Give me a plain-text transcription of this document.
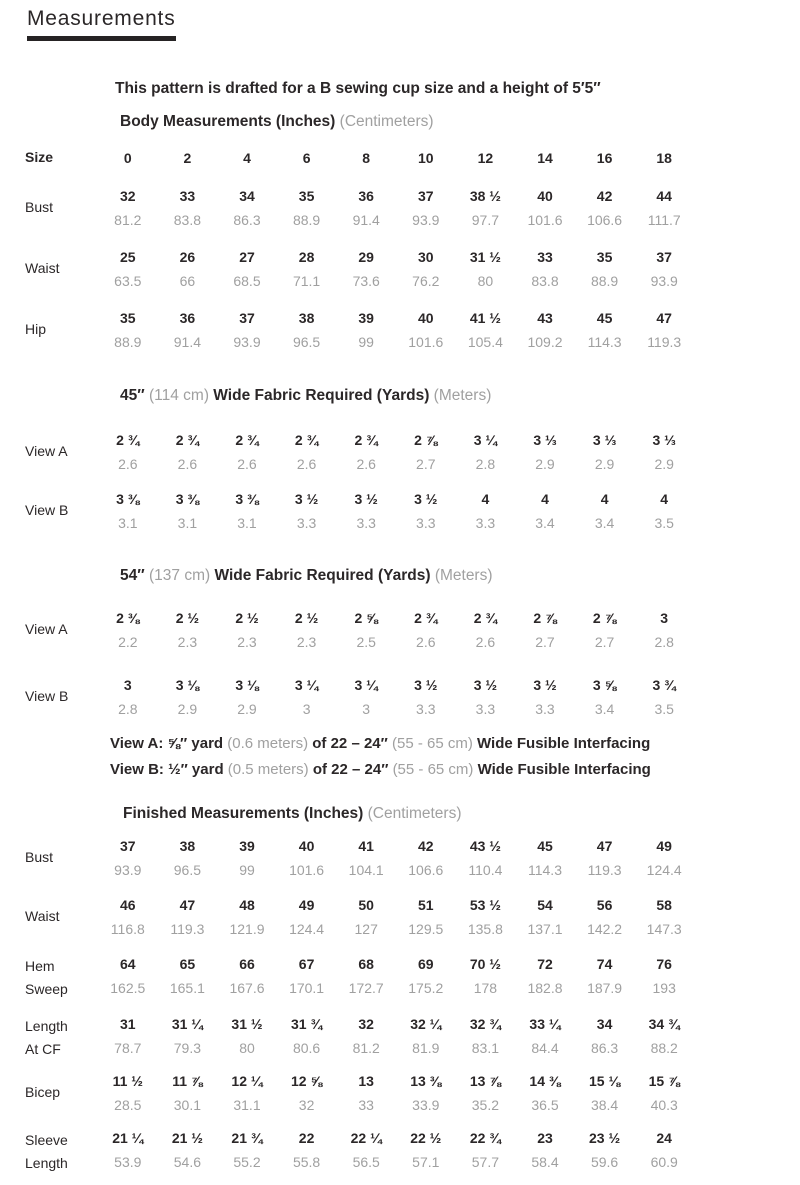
Measurements
This pattern is drafted for a B sewing cup size and a height of 5′5″
Body Measurements (Inches) (Centimeters)
45″ (114 cm) Wide Fabric Required (Yards) (Meters)
54″ (137 cm) Wide Fabric Required (Yards) (Meters)
View A: ⅝″ yard (0.6 meters) of 22 – 24″ (55 - 65 cm) Wide Fusible Interfacing
View B: ½″ yard (0.5 meters) of 22 – 24″ (55 - 65 cm) Wide Fusible Interfacing
Finished Measurements (Inches) (Centimeters)
Size	0	2	4	6	8	10	12	14	16	18
Bust
32	33	34	35	36	37	38 ½	40	42	44
81.2	83.8	86.3	88.9	91.4	93.9	97.7	101.6	106.6	111.7
Waist
25	26	27	28	29	30	31 ½	33	35	37
63.5	66	68.5	71.1	73.6	76.2	80	83.8	88.9	93.9
Hip
35	36	37	38	39	40	41 ½	43	45	47
88.9	91.4	93.9	96.5	99	101.6	105.4	109.2	114.3	119.3
View A
2 ¾	2 ¾	2 ¾	2 ¾	2 ¾	2 ⅞	3 ¼	3 ⅓	3 ⅓	3 ⅓
2.6	2.6	2.6	2.6	2.6	2.7	2.8	2.9	2.9	2.9
View B
3 ⅜	3 ⅜	3 ⅜	3 ½	3 ½	3 ½	4	4	4	4
3.1	3.1	3.1	3.3	3.3	3.3	3.3	3.4	3.4	3.5
View A
2 ⅜	2 ½	2 ½	2 ½	2 ⅝	2 ¾	2 ¾	2 ⅞	2 ⅞	3
2.2	2.3	2.3	2.3	2.5	2.6	2.6	2.7	2.7	2.8
View B
3	3 ⅛	3 ⅛	3 ¼	3 ¼	3 ½	3 ½	3 ½	3 ⅝	3 ¾
2.8	2.9	2.9	3	3	3.3	3.3	3.3	3.4	3.5
Bust
37	38	39	40	41	42	43 ½	45	47	49
93.9	96.5	99	101.6	104.1	106.6	110.4	114.3	119.3	124.4
Waist
46	47	48	49	50	51	53 ½	54	56	58
116.8	119.3	121.9	124.4	127	129.5	135.8	137.1	142.2	147.3
Hem
Sweep
64	65	66	67	68	69	70 ½	72	74	76
162.5	165.1	167.6	170.1	172.7	175.2	178	182.8	187.9	193
Length
At CF
31	31 ¼	31 ½	31 ¾	32	32 ¼	32 ¾	33 ¼	34	34 ¾
78.7	79.3	80	80.6	81.2	81.9	83.1	84.4	86.3	88.2
Bicep
11 ½	11 ⅞	12 ¼	12 ⅝	13	13 ⅜	13 ⅞	14 ⅜	15 ⅛	15 ⅞
28.5	30.1	31.1	32	33	33.9	35.2	36.5	38.4	40.3
Sleeve
Length
21 ¼	21 ½	21 ¾	22	22 ¼	22 ½	22 ¾	23	23 ½	24
53.9	54.6	55.2	55.8	56.5	57.1	57.7	58.4	59.6	60.9
